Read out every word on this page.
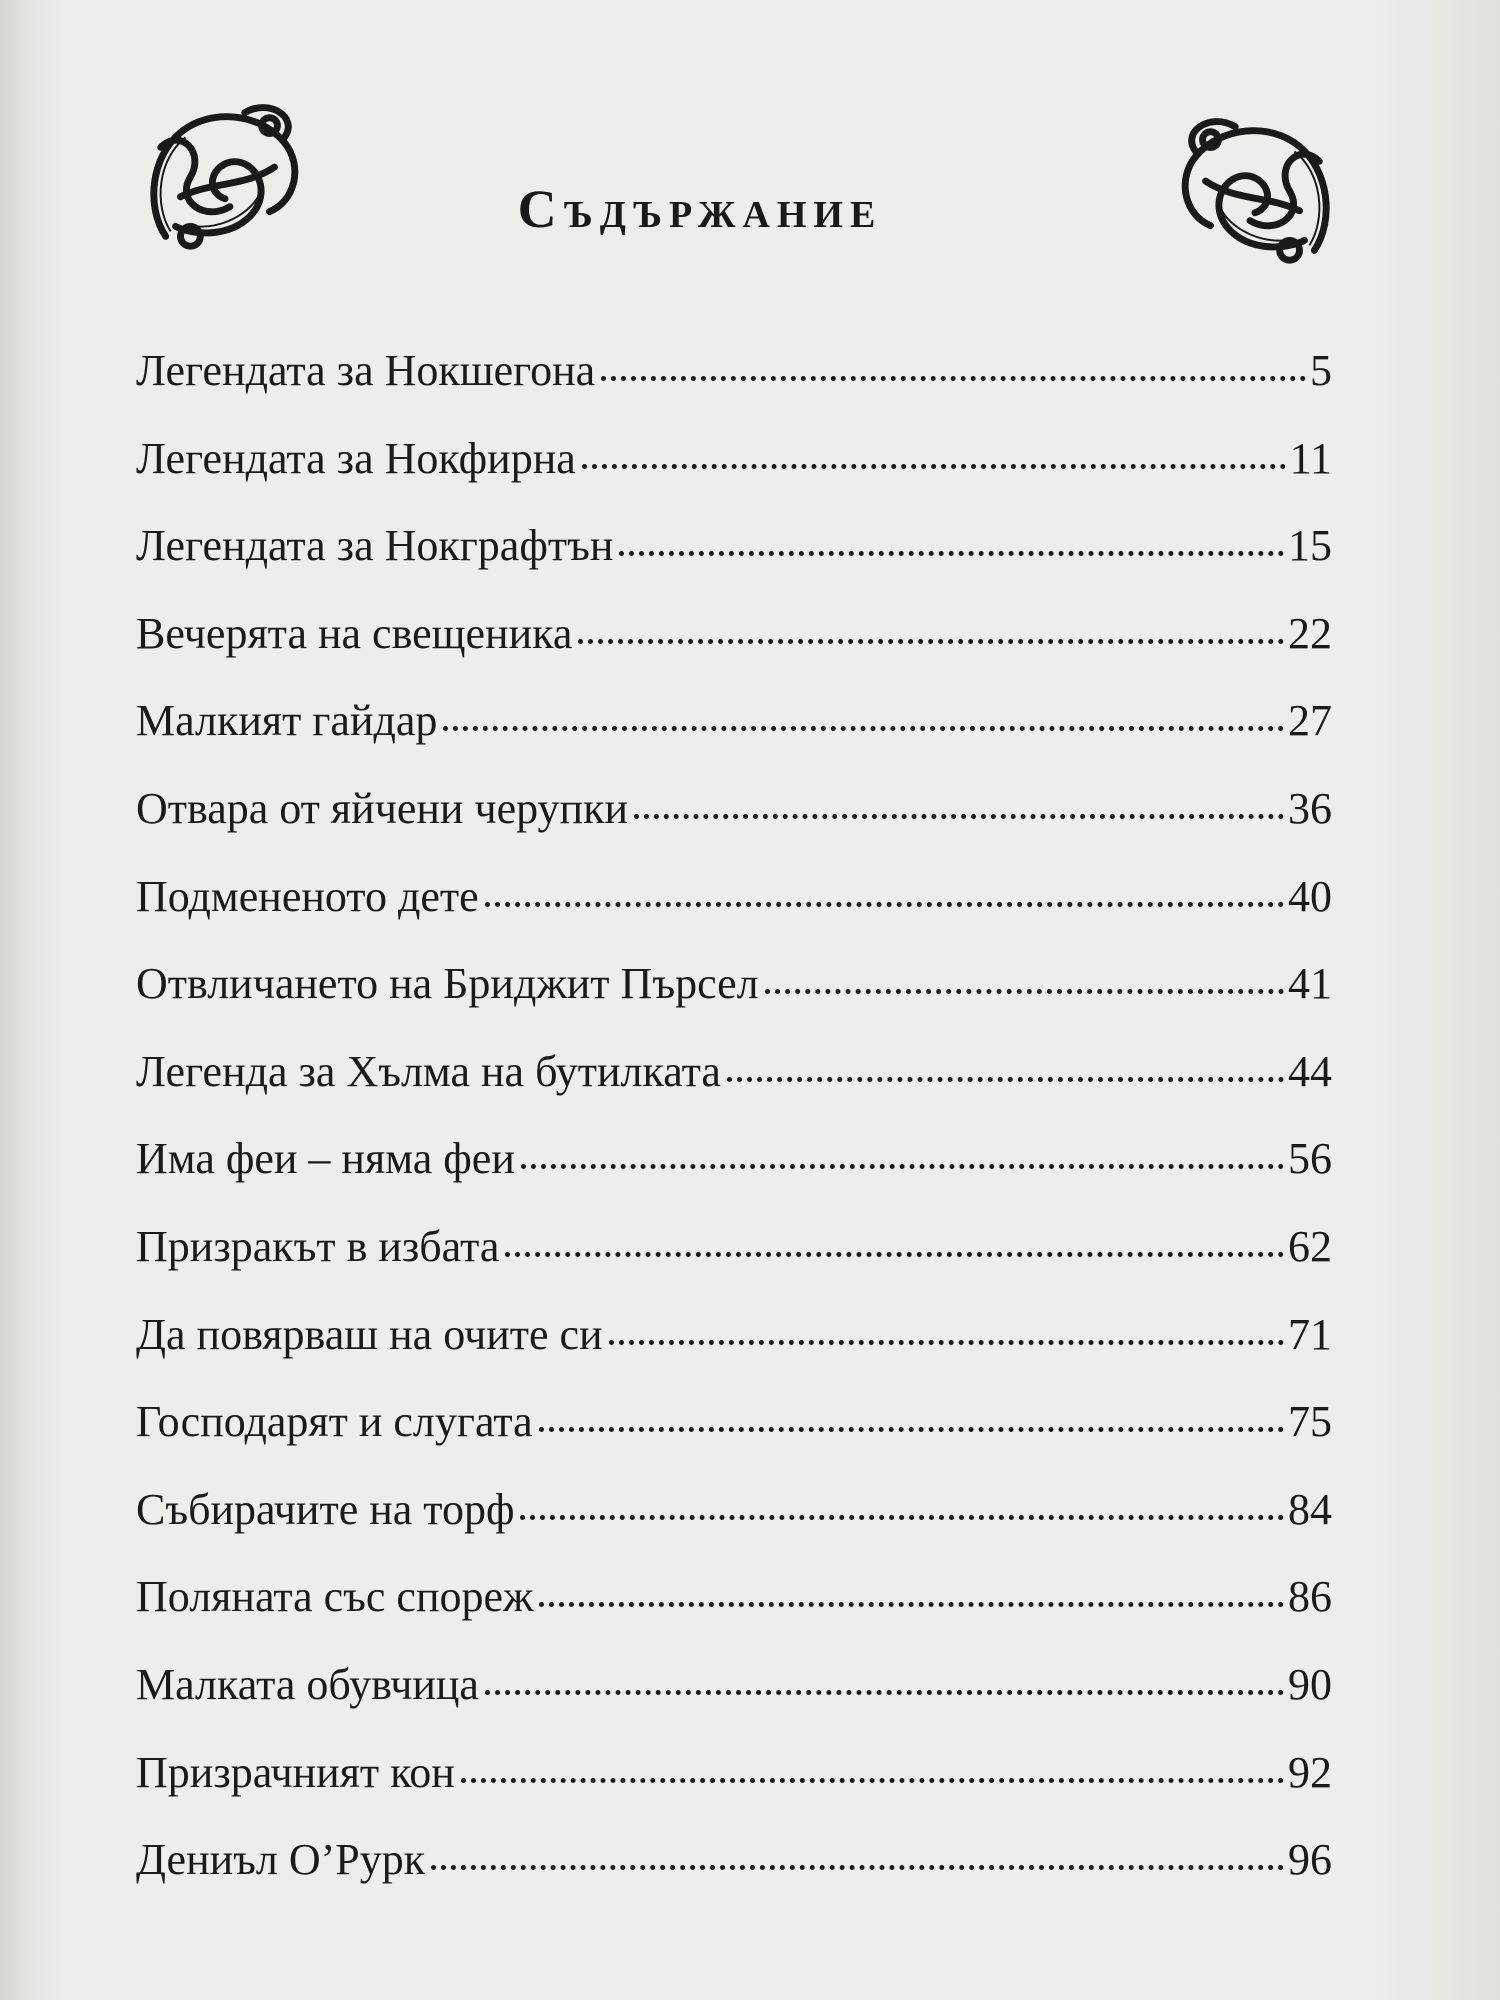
Съдържание
Легендата за Нокшегона	5
Легендата за Нокфирна	11
Легендата за Нокграфтън	15
Вечерята на свещеника	22
Малкият гайдар	27
Отвара от яйчени черупки	36
Подмененото дете	40
Отвличането на Бриджит Пърсел	41
Легенда за Хълма на бутилката	44
Има феи – няма феи	56
Призракът в избата	62
Да повярваш на очите си	71
Господарят и слугата	75
Събирачите на торф	84
Поляната със спореж	86
Малката обувчица	90
Призрачният кон	92
Дениъл О’Рурк	96
